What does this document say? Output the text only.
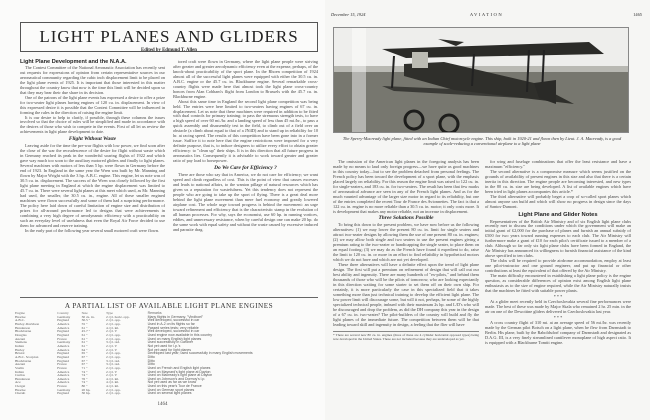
LIGHT PLANES AND GLIDERS
Edited by Edmund T. Allen
Light Plane Development and the N.A.A.

The Contest Committee of the National Aeronautic Association has recently sent out requests for expressions of opinion from certain representative sources in our aeronautical community regarding the cubic inch displacement limit to be placed on the light plane events of 1925. It is important that those interested in this matter throughout the country know that now is the time this limit will be decided upon so that they may bear their due share in its decision.

One of the patrons of the light plane events has expressed a desire to offer a prize for two-seater light planes having engines of 120 cu. in. displacement. In view of this expressed desire it is possible that the Contest Committee will be influenced in forming the rules in the direction of raising the engine limit.

It is our desire to help to clarify, if possible, through these columns the issues involved so that the choice of rules will be simplified and made in accordance with the desires of those who wish to compete in the events. First of all let us review the achievements in light plane development to date.

Flight Without Waste

Leaving aside for the time the pre-war flights with low power, we find soon after the close of the war the recrudescence of the desire for flight without waste which in Germany reached its peak in the wonderful soaring flights of 1922 and which gave way much too soon to the auxiliary motored gliders and finally to light planes. Several machines with motors of less than 5 hp. were flown in Germany before the end of 1923. In England in the same year the Wren was built by Mr. Manning and flown by Major Wright with the 3 hp. A.B.C. engine. This engine, let us note was of 30.5 cu. in. displacement. The success of the Wren was closely followed by the first light plane meeting in England at which the engine displacement was limited to 45.7 cu. in. There were several light planes at this meet which used, as Mr. Manning had used, the smaller, the 30.5 cu. in., engine. All of these smaller engined machines were flown successfully and some of them had a surprising performance. The policy here laid down of careful limitation of engine size and distribution of prizes for all-around performance led to designs that were achievements in combining a very high degree of aerodynamic efficiency with a practicability on such an everyday level of usefulness that even the Royal Air Force decided to use them for advanced and reserve training.

In the early part of the following year several small motored craft were flown.

tored craft were flown in Germany, where the light plane people were striving after greater and greater aerodynamic efficiency even at the expense, perhaps, of the knock-about practicability of the sport plane. In the Rhoen competition of 1924 almost all of the successful light planes were equipped with either the 30.5 cu. in. A.B.C. engine or the 45.7 cu. in. Blackburne engine. Several remarkable cross-country flights were made here that almost took the light plane cross-country honors from Alan Cobham's flight from London to Brussels with the 45.7 cu. in. Blackburne engine.

About this same time in England the second light plane competition was being held. The entries were here limited to two-seaters having engines of 67 cu. in. displacement. Let us note that these machines were required in addition to be fitted with dual controls for primary training; to pass the strenuous strength tests, to have a high speed of over 60 mi./hr. and a landing speed of less than 45 mi./hr., to pass a quick assembly and disassembly test in the field, to climb out of a field over an obstacle (a climb about equal to that of a JN4D) and to stand up in reliability for 10 hr. at racing speed. The results of this competition have been gone into in a former issue. Suffice it to note here that the engine restrictions were imposed for a very definite purpose, that is, to induce designers to utilize every effort to obtain greater efficiency: to "clean up" their ships. It is in this direction that all future progress in aeronautics lies. Consequently it is advisable to work toward greater and greater ratio of pay load to horsepower.

Do We Care for Efficiency ?

There are those who say that in America, we do not care for efficiency; we want speed and climb regardless of cost. This is the point of view that causes excesses and leads to national affairs, to the wanton pillage of natural resources which has given us a reputation for wastefulness. Yet this tendency does not represent the people who are going to take up the sport of flying. There is a great deal more behind the light plane movement than mere fuel economy and greatly lowered airplane cost. The whole urge toward progress is behind the movement: an urge toward refinement and efficiency that is the characteristic stamp in the evolution of all human processes. For why, says the economist, use 60 hp. in running vortices, eddies, and unnecessary resistance, when by careful design one can make 20 hp. do the same work with equal safety and without the waste caused by excessive induced and parasite drag.

A PARTIAL LIST OF AVAILABLE LIGHT PLANE ENGINES
Engine	Country	Size	Type	Remarks
Haacke	Germany	30 cu. in.	2 cyl. horiz. opp.	Many flights in Germany. "Vindboel"
A.B.C.	England	30.5 "	2 cyl. opp.	Well developed, successful in car
Harley-Davidson	America	55 "	2 cyl. opp.	Used in A-2 on its flights so far
Henderson	America	61 "	4 cyl. inl.	Passed series tests; very reliable
Blackburne	England	45.7 "	2 cyl. V	Well developed, successful in car
Douglas	England	61 "	2 cyl. opp.	Used engine now available in this country
Anzani	France	61 "	2 cyl. opp.	Used on many English light planes
Siemens	Germany	61 "	3 cyl. rad.	Used successfully in Gardner
Indian	America	61 "	2 cyl. V	Not yet used for l.p.'s
Harley	America	64 "	2 cyl. V	Not yet used for light planes
Bristol	England	65 "	2 cyl. opp.	Developed last year; used successfully in many English movements
A.B.C. Scorpion	England	67 "	2 cyl. opp.	Ditto
Blackburne	England	67 "	3 cyl. rad.	Ditto
Anzani	France	67 "	3 cyl. rad.	Ditto
Vaslin	France	71 "	2 cyl. opp.	Used on French and English light planes
Indian	America	74 "	2 cyl. V	Used on Maynard's light plane at Dayton
Curtiss	America	74 "	2 cyl. V	Used on Macready's light plane at Dayton
Henderson	America	76 "	4 cyl. inl.	Used on Johnson's and Dormoy's l.p.
Ace	America	74 "	4 cyl. inl.	Not yet used as far as we know
Clerget	France	80 "	4 cyl. inl.	Used on this year's Tour de France
Haacke	Germany	20 hp.	2 cyl. opp.	Used on German sport planes
Cherub	England	30 hp.	2 cyl. opp.	Used on several light planes
1464
December 15, 1924	AVIATION	1465
The Sperry-Macready light plane, fitted with an Indian Chief motorcycle engine. This ship, built in 1920-21 and flown then by Lieut. J. A. Macready, is a good example of scale-reducing a conventional airplane to a light plane

The omission of the American light planes in the foregoing analysis has been made by no means to laud only foreign progress—we have quite as good machines in this country today—but to see the problem detached from personal feelings. The French policy has been toward the development of a sport plane, with the emphasis placed largely on reliability. For this reason the engine limit was raised to 122 cu. in. for single-seaters, and 183 cu. in. for two-seaters. The result has been that few marks of aeronautical advance are seen in any of the French light planes. And as for the much vaunted advantage of the larger size motor in regard to its reliability, but one of the entries completed the recent Tour de France des Avionnettes. The fact is that a 122 cu. in. engine is no more reliable than a 30.5 cu. in. motor; it only costs more. It is development that makes any motor reliable, not an increase in displacement.

Three Solutions Possible

To bring this down to the present problem, we have now before us the following alternatives: (1) we may lower the present 80 cu. in. limit for single seaters and attract two-seater designs by allowing them the use of one present 80 cu. in. engines; (2) we may allow both single and two seaters to use the present engines giving a premium rating to the two-seater or handicapping the single seater, to place them on an equal footing; (3) we may do as the French have found it expedient to do, raise the limit to 120 cu. in. or more in an effort to find reliability in hypothetical motors which we do not have and which are not yet developed.

These three alternatives will have a definite effect upon the trend of light plane design. The first will put a premium on refinement of design that will call out our best ability and ingenuity. There are many hundreds of "ex-pilots," and behind them thousands of those who will be the pilots of tomorrow, who are looking expectantly in this direction waiting for some starter to set them off on their own ship. For certainly, it is more particularly the case in this specialized field that it takes something more than just technical training to develop the efficient light plane. The low power limit will discourage some, but will it not, perhaps, be some of the highly specialized technical people, imbued with their maximum 2s hp. and L/D's who will be discouraged and drop the problem, as did the DH company this year in the design of a 67 cu. in. two-seater? The pilot-builders of the country will build and fly the light planes of the immediate future. The competition between them will be that leading toward skill and ingenuity in design, a feeling that the flier will have

* There are several new 80 cu. in. engines (three of these are 4 cylinder horizontal opposed types) being now developed in the United States. These are not included because they are undeveloped as yet.

for wing and fuselage combinations that offer the least resistance and have a maximum "efficiency."

The second alternative is a compromise measure which seems justified on the grounds of availability of present engines in this size and also that there is a certain inertia in this direction. The engine people are becoming interested, and new types in the 80 cu. in. size are being developed. A list of available engines which have been tried in light planes accompanies this article.*

The third alternative will probably beget a crop of so-called sport planes which almost anyone can build and which will show no progress in design since the days of Santos-Dumont.

Light Plane and Glider Notes

Representatives of the British Air Ministry and of six English light plane clubs recently met to discuss the conditions under which the government will make an initial grant of £2,000 for the purchase of planes and furnish an annual subsidy of £500 for two years toward running expenses to each club. The Air Ministry will furthermore make a grant of £10 for each pilot's certificate issued to a member of a club. Although so far only six light plane clubs have been formed in England, the Air Ministry has announced its willingness to furnish financial assistance of the kind above specified to ten clubs.

The clubs will be required to provide airdrome accommodation, employ at least one pilot-instructor and one ground engineer, and put up financial or other contributions at least the equivalent of that offered by the Air Ministry.

The main difficulty encountered in establishing a light plane policy is the engine question, as considerable differences of opinion exist among English light plane enthusiasts as to the size of engine required, while the Air Ministry naturally insists that the machines be fitted with suitable power plants.

* * *

At a glider meet recently held in Czechoslovakia several fine performances were made. The best of these was made by Major Skala who remained 2 hr. 25 min. in the air on one of the Dewoitine gliders delivered in Czechoslovakia last year.

* * *

A cross country flight of 310 mi. at an average speed of 56 mi./hr. was recently made by the German pilot Botsch on a light plane, when he flew from Darmstadt to Berlin. His plane, built by the Raboldsdorf company of Darmstadt and designated as D.A.G. III, is a very finely streamlined cantilever monoplane of high aspect ratio. It is equipped with a Blackburne Tomtit engine.
